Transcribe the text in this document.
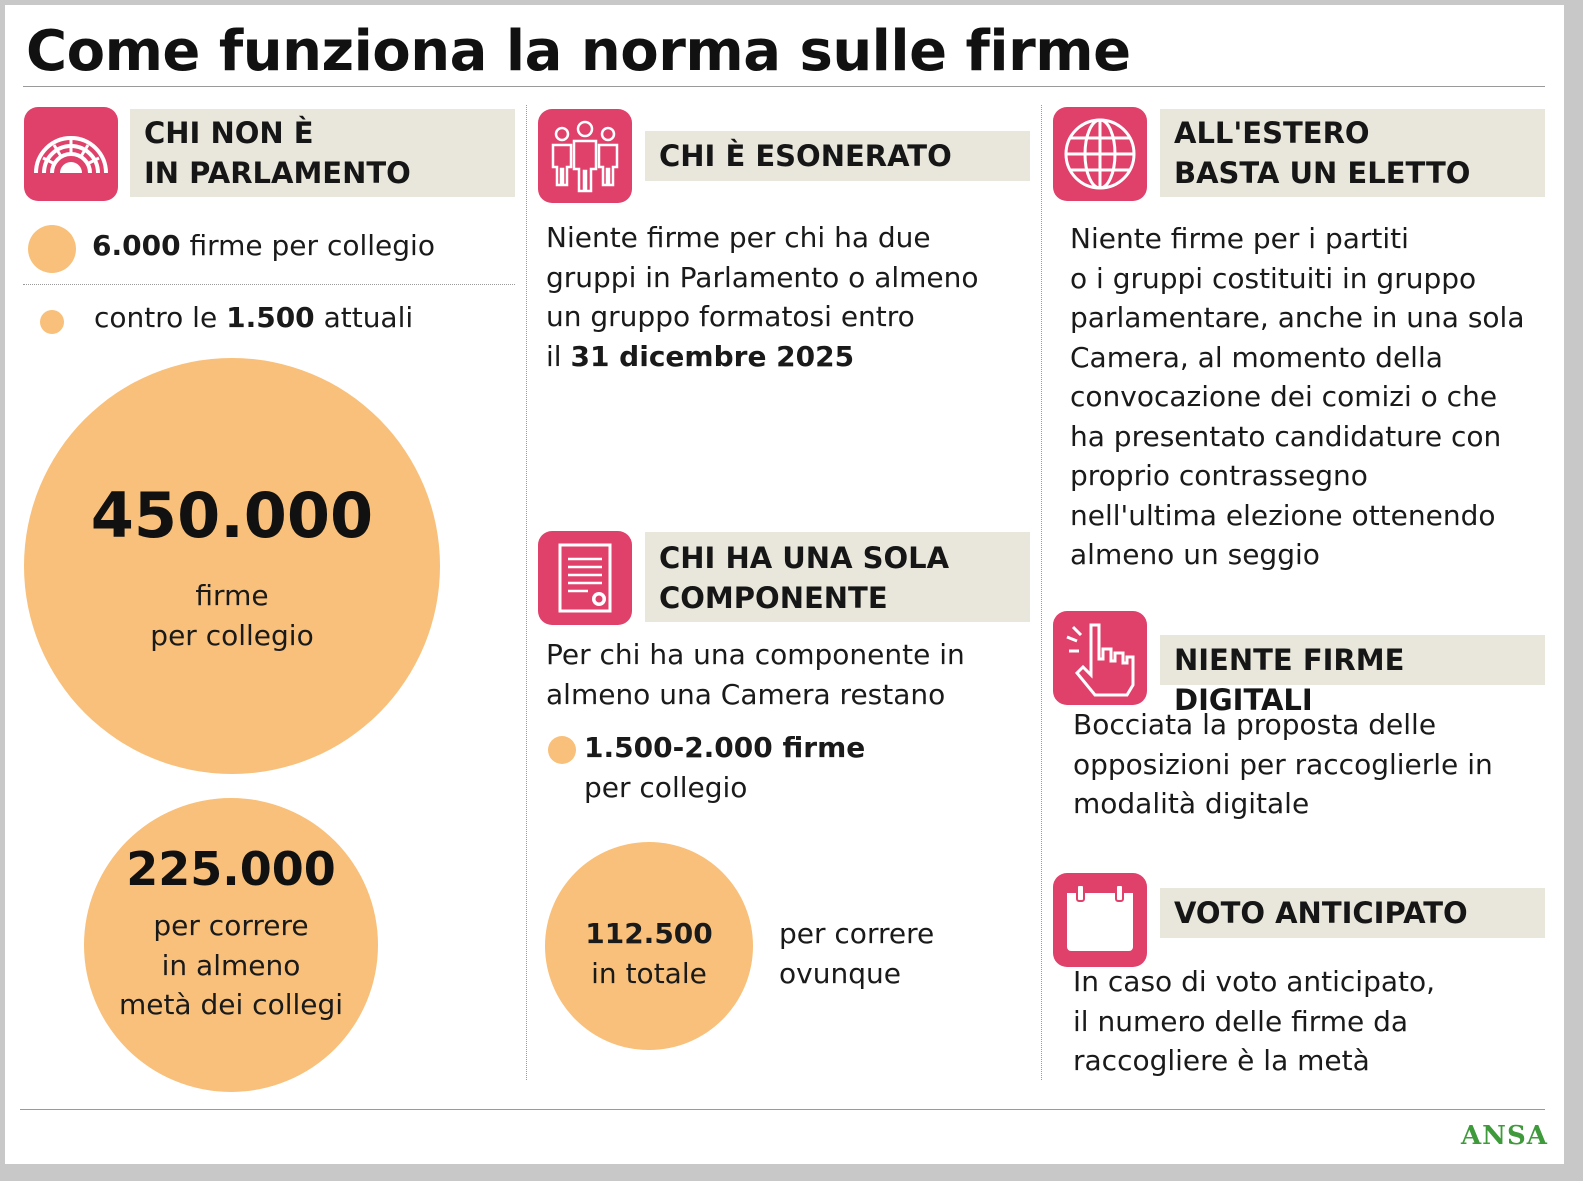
Come funziona la norma sulle firme
CHI NON È
IN PARLAMENTO
6.000 firme per collegio
contro le 1.500 attuali
450.000
firme
per collegio
225.000
per correre
in almeno
metà dei collegi
CHI È ESONERATO
Niente firme per chi ha due
gruppi in Parlamento o almeno
un gruppo formatosi entro
il 31 dicembre 2025
CHI HA UNA SOLA
COMPONENTE
Per chi ha una componente in
almeno una Camera restano
1.500-2.000 firme
per collegio
112.500
in totale
per correre
ovunque
ALL'ESTERO
BASTA UN ELETTO
Niente firme per i partiti
o i gruppi costituiti in gruppo
parlamentare, anche in una sola
Camera, al momento della
convocazione dei comizi o che
ha presentato candidature con
proprio contrassegno
nell'ultima elezione ottenendo
almeno un seggio
NIENTE FIRME DIGITALI
Bocciata la proposta delle
opposizioni per raccoglierle in
modalità digitale
VOTO ANTICIPATO
In caso di voto anticipato,
il numero delle firme da
raccogliere è la metà
ANSA
